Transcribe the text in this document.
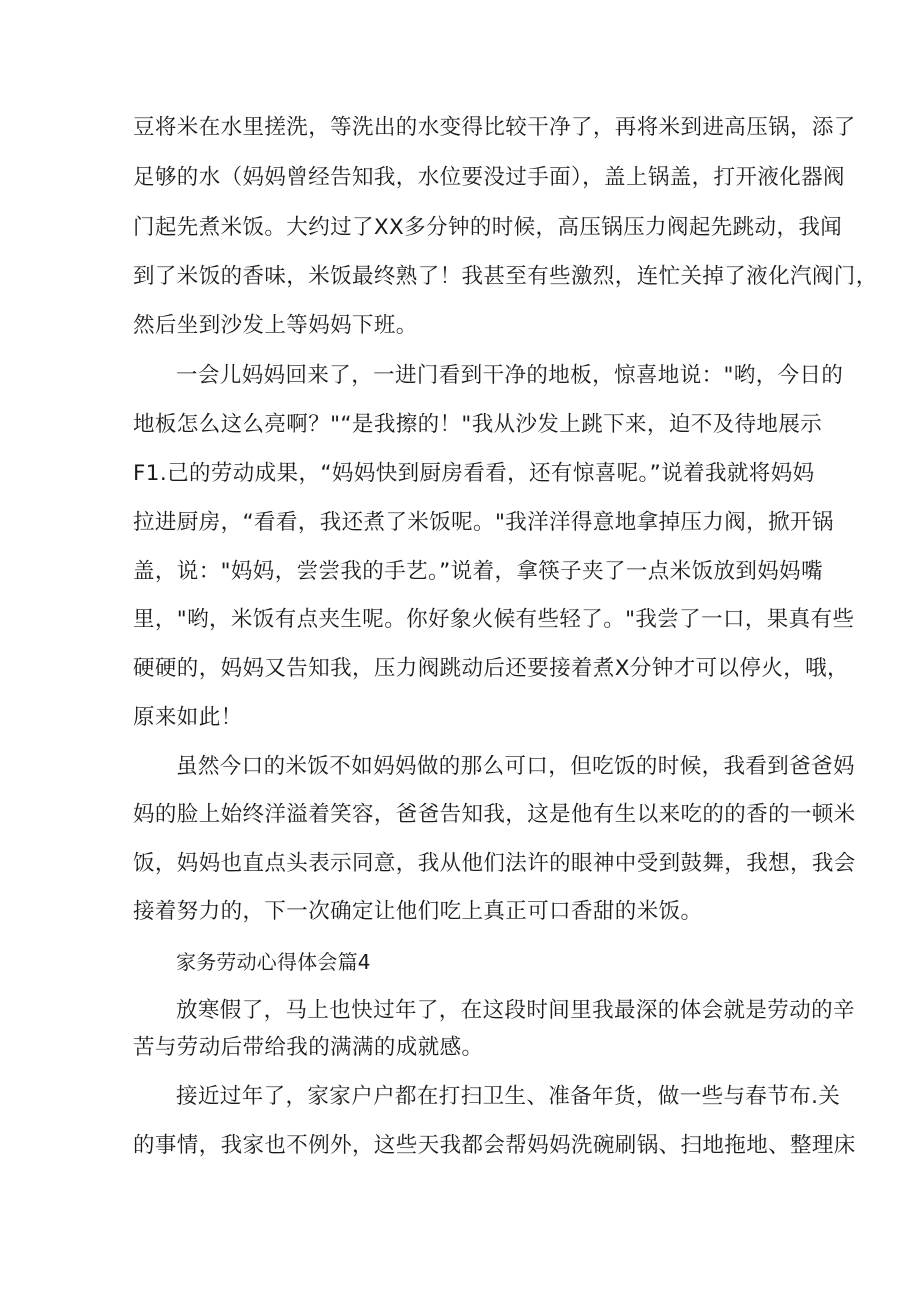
豆将米在水里搓洗，等洗出的水变得比较干净了，再将米到进高压锅，添了
足够的水（妈妈曾经告知我，水位要没过手面），盖上锅盖，打开液化器阀
门起先煮米饭。大约过了XX多分钟的时候，高压锅压力阀起先跳动，我闻
到了米饭的香味，米饭最终熟了！我甚至有些激烈，连忙关掉了液化汽阀门，
然后坐到沙发上等妈妈下班。
一会儿妈妈回来了，一进门看到干净的地板，惊喜地说："哟，今日的
地板怎么这么亮啊？"“是我擦的！"我从沙发上跳下来，迫不及待地展示
F1.己的劳动成果，“妈妈快到厨房看看，还有惊喜呢。”说着我就将妈妈
拉进厨房，“看看，我还煮了米饭呢。"我洋洋得意地拿掉压力阀，掀开锅
盖，说："妈妈，尝尝我的手艺。”说着，拿筷子夹了一点米饭放到妈妈嘴
里，"哟，米饭有点夹生呢。你好象火候有些轻了。"我尝了一口，果真有些
硬硬的，妈妈又告知我，压力阀跳动后还要接着煮X分钟才可以停火，哦，
原来如此！
虽然今口的米饭不如妈妈做的那么可口，但吃饭的时候，我看到爸爸妈
妈的脸上始终洋溢着笑容，爸爸告知我，这是他有生以来吃的的香的一顿米
饭，妈妈也直点头表示同意，我从他们法许的眼神中受到鼓舞，我想，我会
接着努力的，下一次确定让他们吃上真正可口香甜的米饭。
家务劳动心得体会篇4
放寒假了，马上也快过年了，在这段时间里我最深的体会就是劳动的辛
苦与劳动后带给我的满满的成就感。
接近过年了，家家户户都在打扫卫生、准备年货，做一些与春节布.关
的事情，我家也不例外，这些天我都会帮妈妈洗碗刷锅、扫地拖地、整理床
